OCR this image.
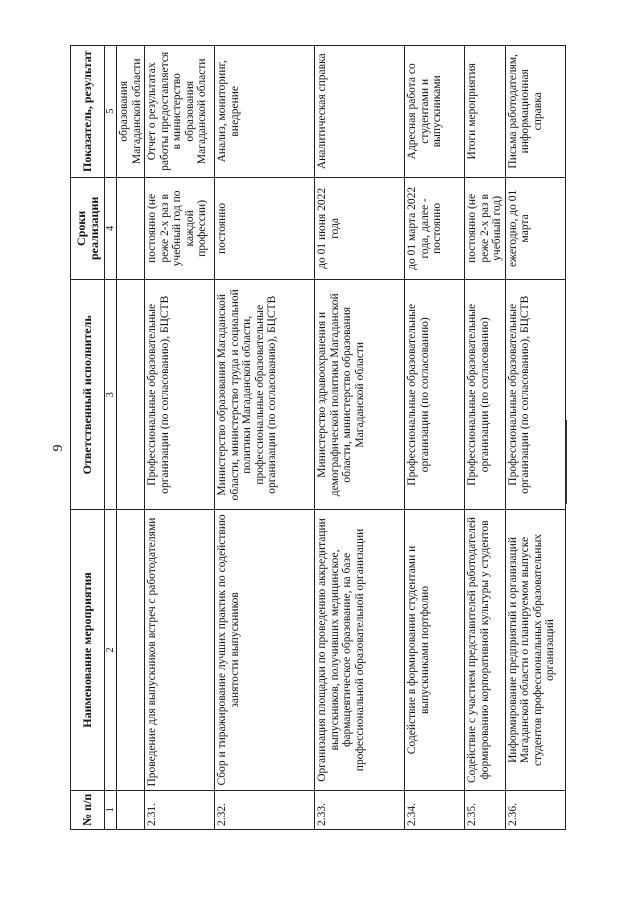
9
№ п/п	Наименование мероприятия	Ответственный исполнитель	Сроки реализации	Показатель, результат
1	2	3	4	5
				образования Магаданской области
2.31.	Проведение для выпускников встреч с работодателями	Профессиональные образовательные организации (по согласованию), БЦСТВ	постоянно (не реже 2-х раз в учебный год по каждой профессии)	Отчет о результатах работы предоставляется в министерство образования Магаданской области
2.32.	Сбор и тиражирование лучших практик по содействию занятости выпускников	Министерство образования Магаданской области, министерство труда и социальной политики Магаданской области, профессиональные образовательные организации (по согласованию), БЦСТВ	постоянно	Анализ, мониторинг, внедрение
2.33.	Организация площадки по проведению аккредитации выпускников, получивших медицинское, фармацевтическое образование, на базе профессиональной образовательной организации	Министерство здравоохранения и демографической политики Магаданской области, министерство образования Магаданской области	до 01 июня 2022 года	Аналитическая справка
2.34.	Содействие в формировании студентами и выпускниками портфолио	Профессиональные образовательные организации (по согласованию)	до 01 марта 2022 года, далее - постоянно	Адресная работа со студентами и выпускниками
2.35.	Содействие с участием представителей работодателей формированию корпоративной культуры у студентов	Профессиональные образовательные организации (по согласованию)	постоянно (не реже 2-х раз в учебный год)	Итоги мероприятия
2.36.	Информирование предприятий и организаций Магаданской области о планируемом выпуске студентов профессиональных образовательных организаций	Профессиональные образовательные организации (по согласованию), БЦСТВ	ежегодно, до 01 марта	Письма работодателям, информационная справка
